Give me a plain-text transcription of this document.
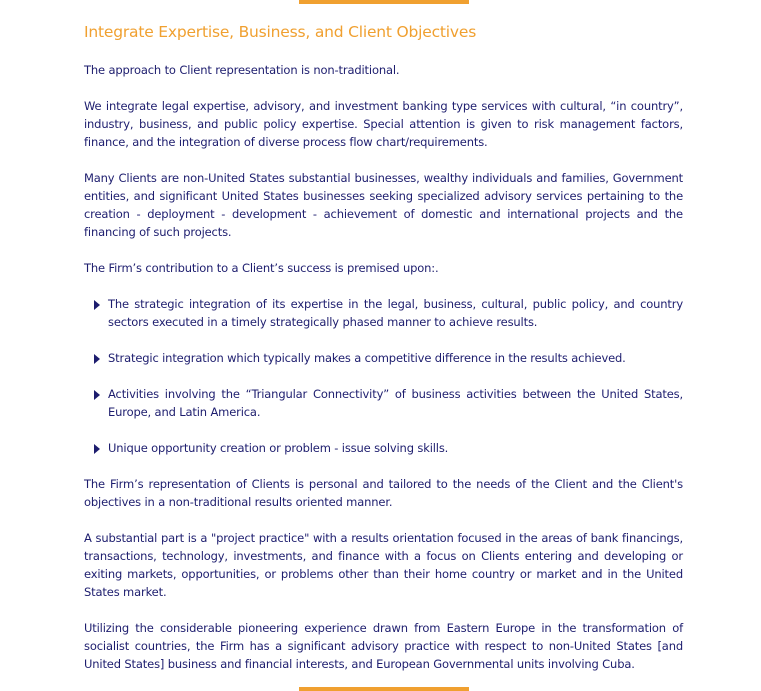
Integrate Expertise, Business, and Client Objectives

The approach to Client representation is non-traditional.

We integrate legal expertise, advisory, and investment banking type services with cultural, “in country”, industry, business, and public policy expertise. Special attention is given to risk management factors, finance, and the integration of diverse process flow chart/requirements.

Many Clients are non-United States substantial businesses, wealthy individuals and families, Government entities, and significant United States businesses seeking specialized advisory services pertaining to the creation - deployment - development - achievement of domestic and international projects and the financing of such projects.

The Firm’s contribution to a Client’s success is premised upon:.

The strategic integration of its expertise in the legal, business, cultural, public policy, and country sectors executed in a timely strategically phased manner to achieve results.
Strategic integration which typically makes a competitive difference in the results achieved.
Activities involving the “Triangular Connectivity” of business activities between the United States, Europe, and Latin America.
Unique opportunity creation or problem - issue solving skills.

The Firm’s representation of Clients is personal and tailored to the needs of the Client and the Client's objectives in a non-traditional results oriented manner.

A substantial part is a "project practice" with a results orientation focused in the areas of bank financings, transactions, technology, investments, and finance with a focus on Clients entering and developing or exiting markets, opportunities, or problems other than their home country or market and in the United States market.

Utilizing the considerable pioneering experience drawn from Eastern Europe in the transformation of socialist countries, the Firm has a significant advisory practice with respect to non-United States [and United States] business and financial interests, and European Governmental units involving Cuba.
